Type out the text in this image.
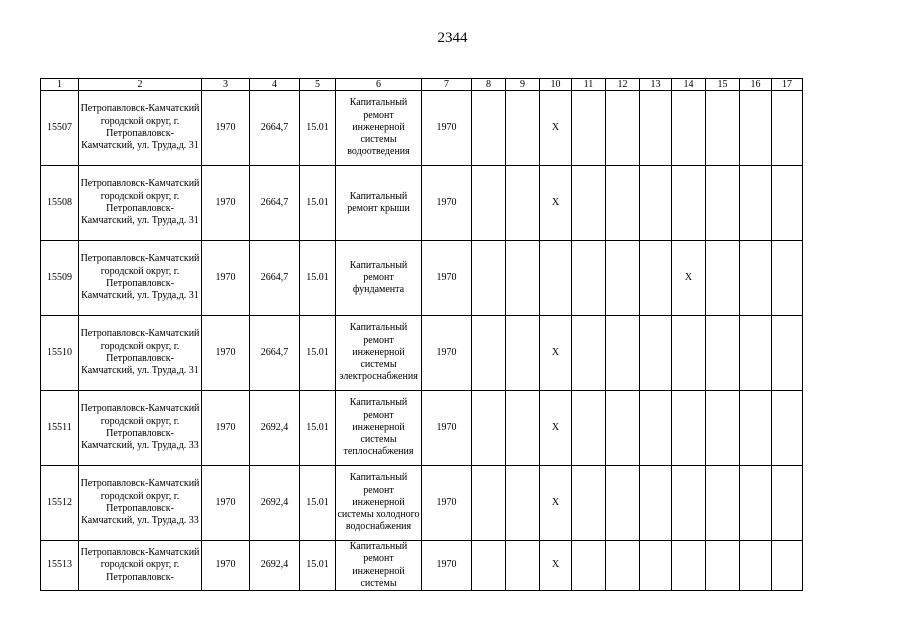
2344
1	2	3	4	5	6	7	8	9	10	11	12	13	14	15	16	17
15507	Петропавловск-Камчатский городской округ, г. Петропавловск-Камчатский, ул. Труда,д. 31	1970	2664,7	15.01	Капитальный ремонт инженерной системы водоотведения	1970			X							
15508	Петропавловск-Камчатский городской округ, г. Петропавловск-Камчатский, ул. Труда,д. 31	1970	2664,7	15.01	Капитальный ремонт крыши	1970			X							
15509	Петропавловск-Камчатский городской округ, г. Петропавловск-Камчатский, ул. Труда,д. 31	1970	2664,7	15.01	Капитальный ремонт фундамента	1970							X			
15510	Петропавловск-Камчатский городской округ, г. Петропавловск-Камчатский, ул. Труда,д. 31	1970	2664,7	15.01	Капитальный ремонт инженерной системы электроснабжения	1970			X							
15511	Петропавловск-Камчатский городской округ, г. Петропавловск-Камчатский, ул. Труда,д. 33	1970	2692,4	15.01	Капитальный ремонт инженерной системы теплоснабжения	1970			X							
15512	Петропавловск-Камчатский городской округ, г. Петропавловск-Камчатский, ул. Труда,д. 33	1970	2692,4	15.01	Капитальный ремонт инженерной системы холодного водоснабжения	1970			X							
15513	Петропавловск-Камчатский городской округ, г. Петропавловск-	1970	2692,4	15.01	Капитальный ремонт инженерной системы	1970			X							
